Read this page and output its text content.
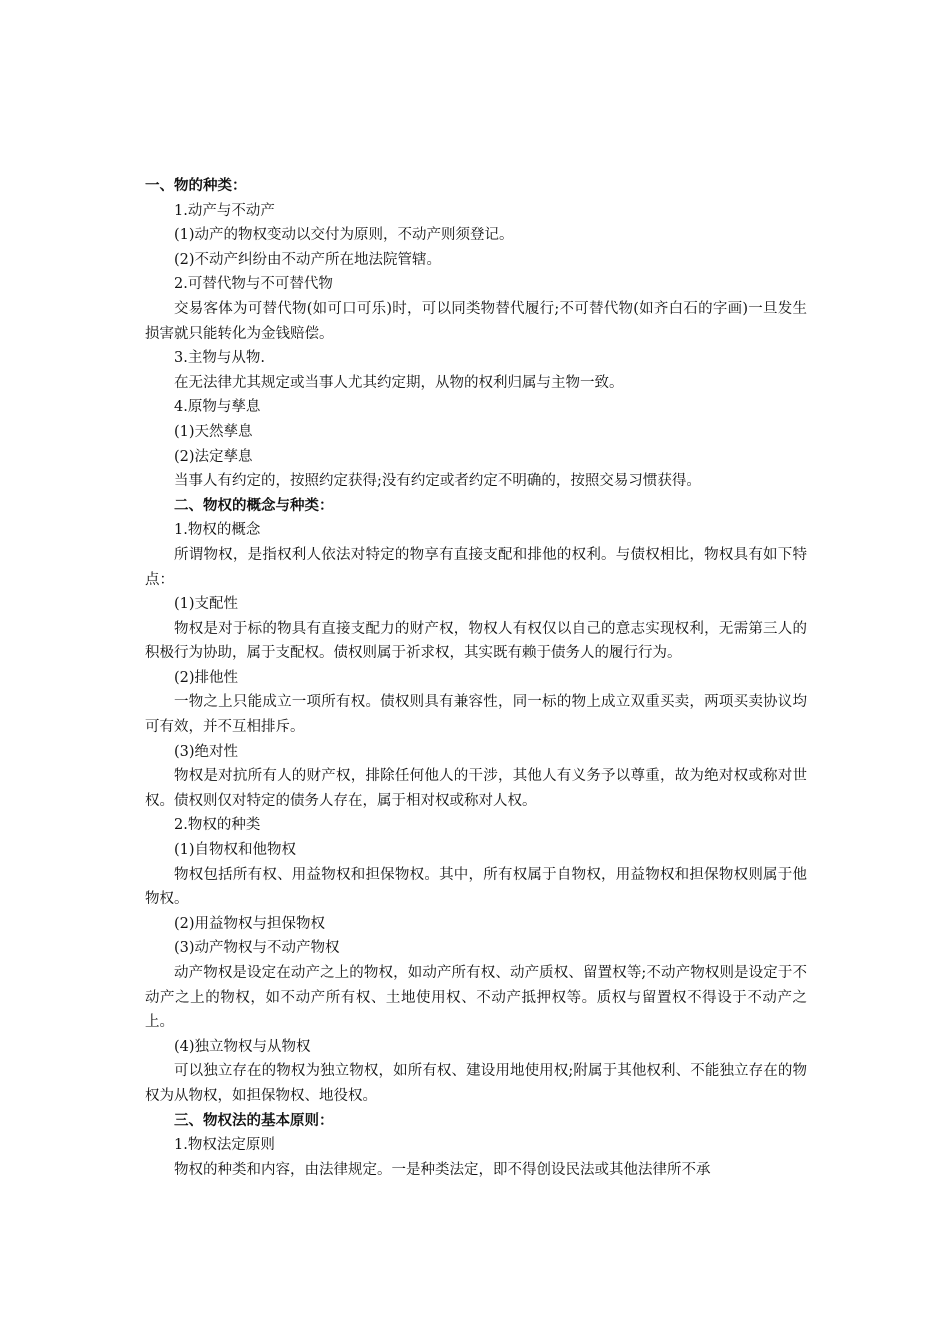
一、物的种类：
1.动产与不动产
(1)动产的物权变动以交付为原则，不动产则须登记。
(2)不动产纠纷由不动产所在地法院管辖。
2.可替代物与不可替代物
交易客体为可替代物(如可口可乐)时，可以同类物替代履行;不可替代物(如齐白石的字画)一旦发生损害就只能转化为金钱赔偿。
3.主物与从物.
在无法律尤其规定或当事人尤其约定期，从物的权利归属与主物一致。
4.原物与孳息
(1)天然孳息
(2)法定孳息
当事人有约定的，按照约定获得;没有约定或者约定不明确的，按照交易习惯获得。
二、物权的概念与种类：
1.物权的概念
所谓物权，是指权利人依法对特定的物享有直接支配和排他的权利。与债权相比，物权具有如下特点：
(1)支配性
物权是对于标的物具有直接支配力的财产权，物权人有权仅以自己的意志实现权利，无需第三人的积极行为协助，属于支配权。债权则属于祈求权，其实既有赖于债务人的履行行为。
(2)排他性
一物之上只能成立一项所有权。债权则具有兼容性，同一标的物上成立双重买卖，两项买卖协议均可有效，并不互相排斥。
(3)绝对性
物权是对抗所有人的财产权，排除任何他人的干涉，其他人有义务予以尊重，故为绝对权或称对世权。债权则仅对特定的债务人存在，属于相对权或称对人权。
2.物权的种类
(1)自物权和他物权
物权包括所有权、用益物权和担保物权。其中，所有权属于自物权，用益物权和担保物权则属于他物权。
(2)用益物权与担保物权
(3)动产物权与不动产物权
动产物权是设定在动产之上的物权，如动产所有权、动产质权、留置权等;不动产物权则是设定于不动产之上的物权，如不动产所有权、土地使用权、不动产抵押权等。质权与留置权不得设于不动产之上。
(4)独立物权与从物权
可以独立存在的物权为独立物权，如所有权、建设用地使用权;附属于其他权利、不能独立存在的物权为从物权，如担保物权、地役权。
三、物权法的基本原则：
1.物权法定原则
物权的种类和内容，由法律规定。一是种类法定，即不得创设民法或其他法律所不承
